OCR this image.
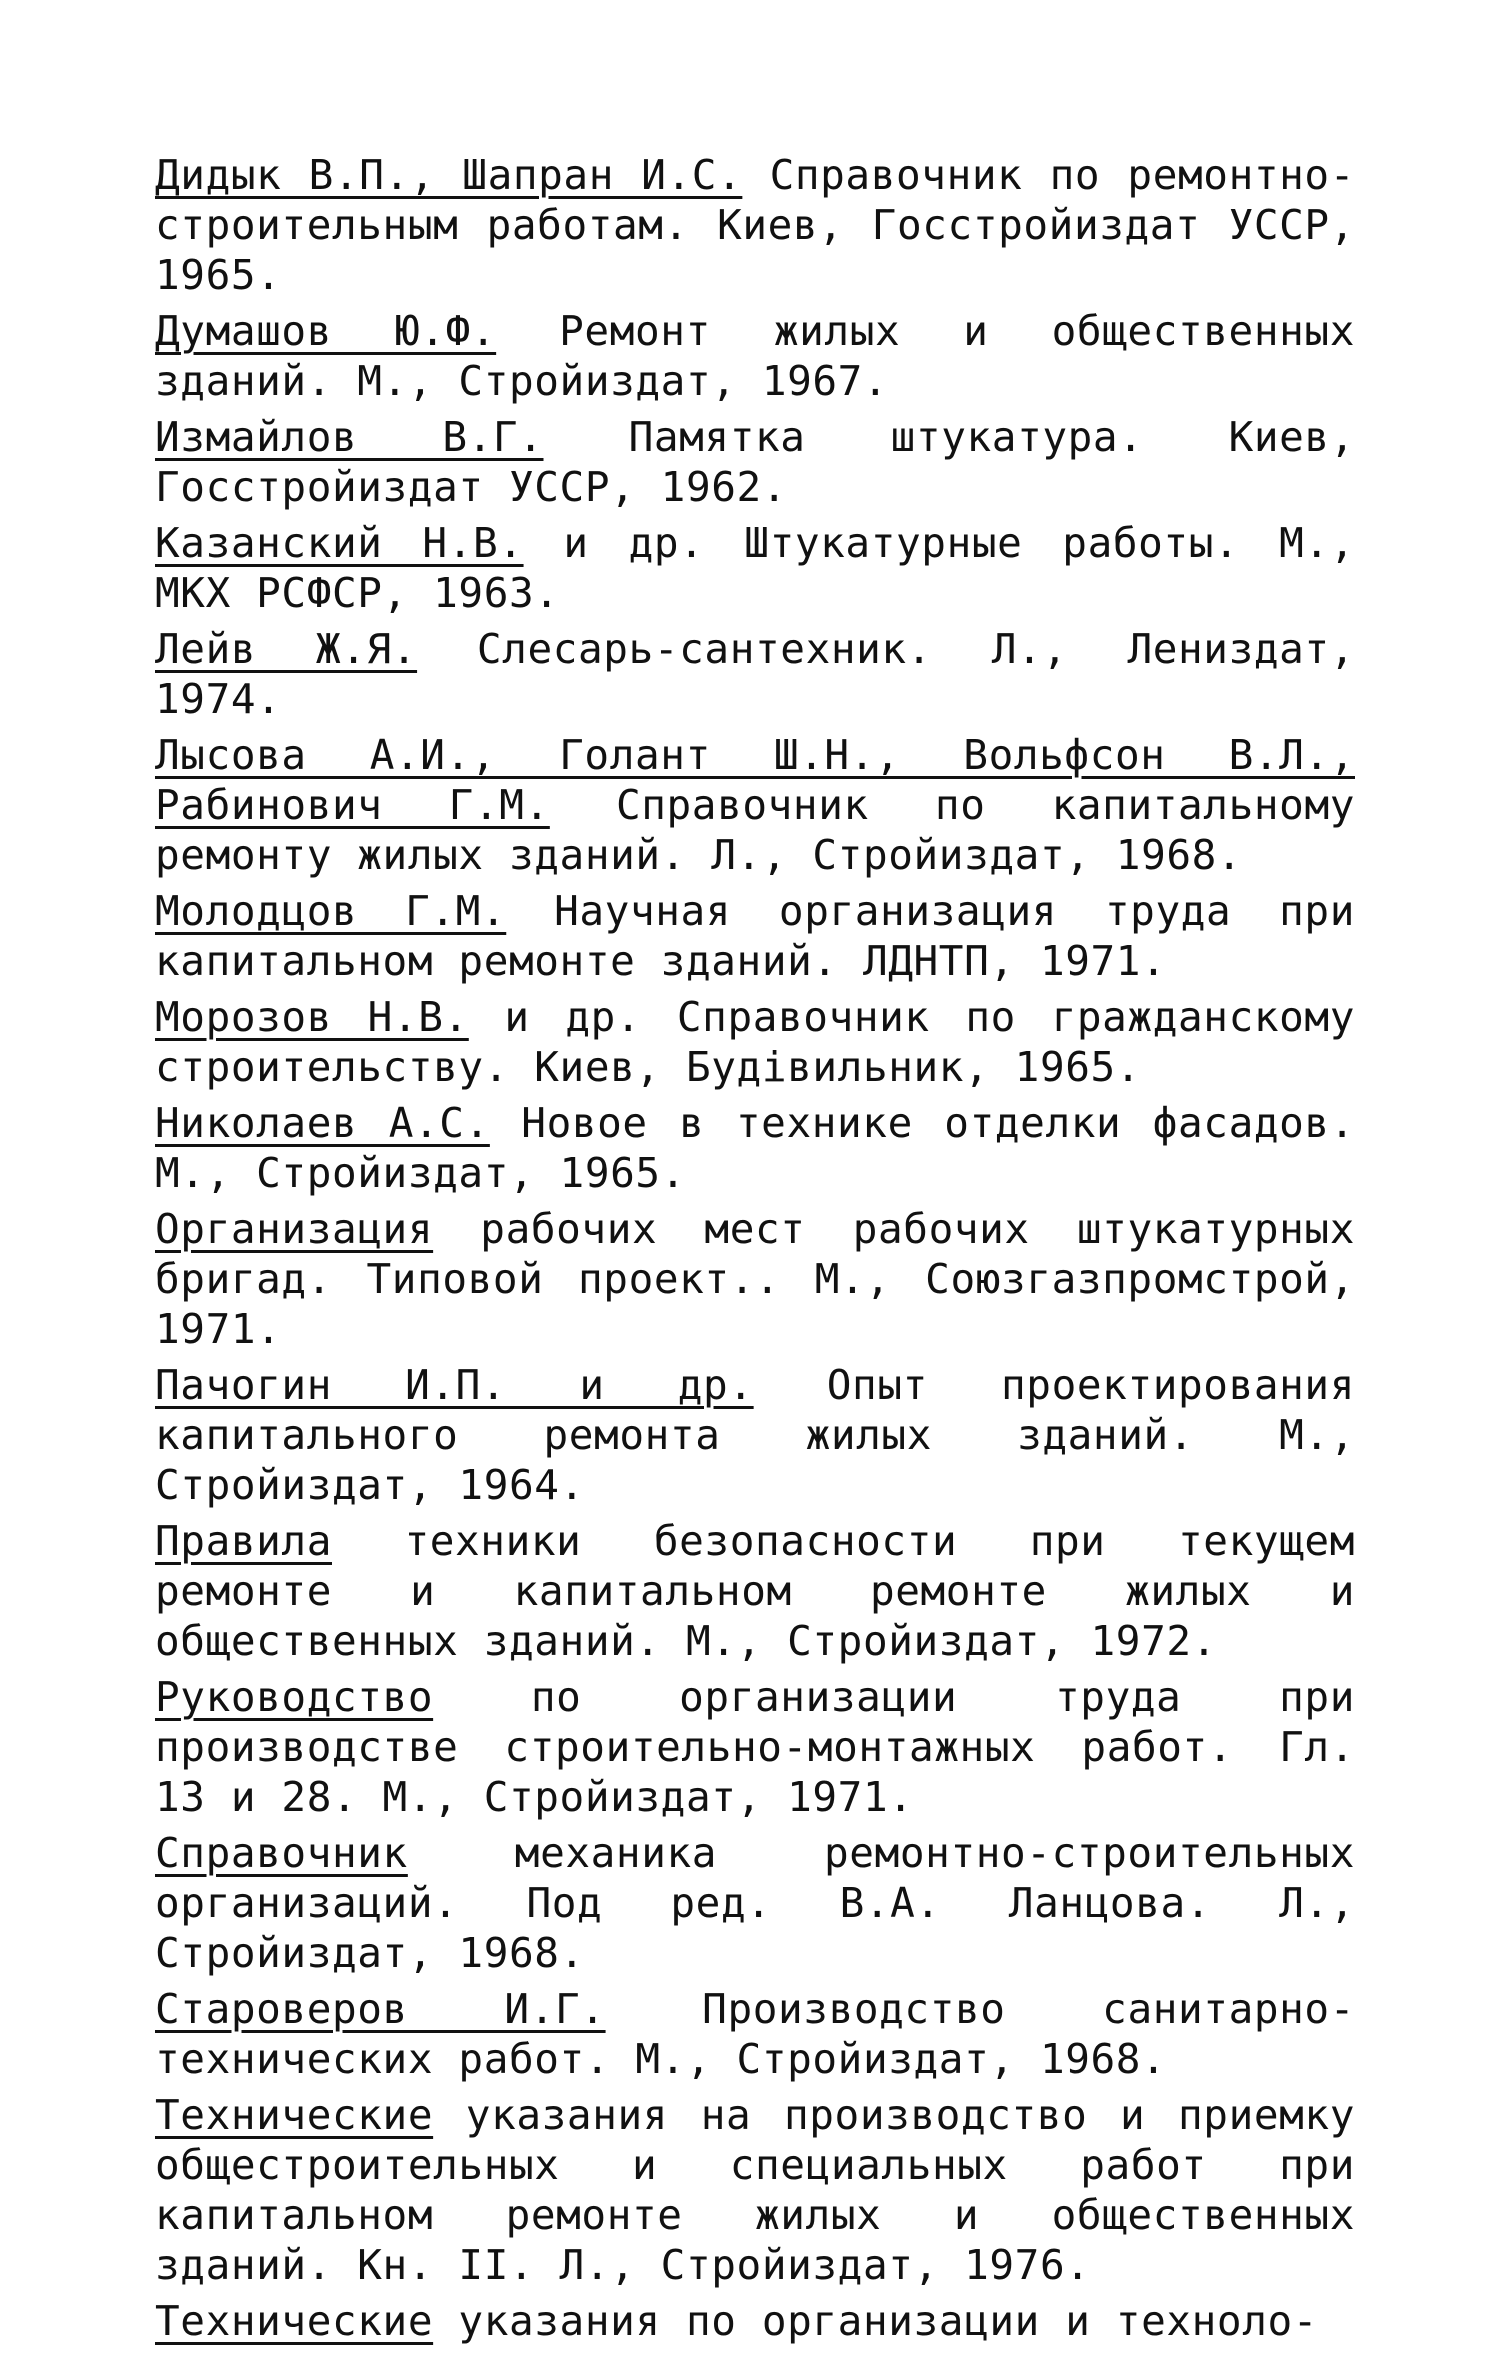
Дидык В.П., Шапран И.С. Справочник по ремонтно-строительным работам. Киев, Госстройиздат УССР, 1965.

Думашов Ю.Ф. Ремонт жилых и общественных зданий. М., Стройиздат, 1967.

Измайлов В.Г. Памятка штукатура. Киев, Госстройиздат УССР, 1962.

Казанский Н.В. и др. Штукатурные работы. М., МКХ РСФСР, 1963.

Лейв Ж.Я. Слесарь-сантехник. Л., Лениздат, 1974.

Лысова А.И., Голант Ш.Н., Вольфсон В.Л., Рабинович Г.М. Справочник по капитальному ремонту жилых зданий. Л., Стройиздат, 1968.

Молодцов Г.М. Научная организация труда при капитальном ремонте зданий. ЛДНТП, 1971.

Морозов Н.В. и др. Справочник по гражданскому строительству. Киев, Будiвильник, 1965.

Николаев А.С. Новое в технике отделки фасадов. М., Стройиздат, 1965.

Организация рабочих мест рабочих штукатурных бригад. Типовой проект.. М., Союзгазпромстрой, 1971.

Пачогин И.П. и др. Опыт проектирования капитального ремонта жилых зданий. М., Стройиздат, 1964.

Правила техники безопасности при текущем ремонте и капитальном ремонте жилых и общественных зданий. М., Стройиздат, 1972.

Руководство по организации труда при производстве строительно-монтажных работ. Гл. 13 и 28. М., Стройиздат, 1971.

Справочник механика ремонтно-строительных организаций. Под ред. В.А. Ланцова. Л., Стройиздат, 1968.

Староверов И.Г. Производство санитарно-технических работ. М., Стройиздат, 1968.

Технические указания на производство и приемку общестроительных и специальных работ при капитальном ремонте жилых и общественных зданий. Кн. II. Л., Стройиздат, 1976.

Технические указания по организации и техноло-
